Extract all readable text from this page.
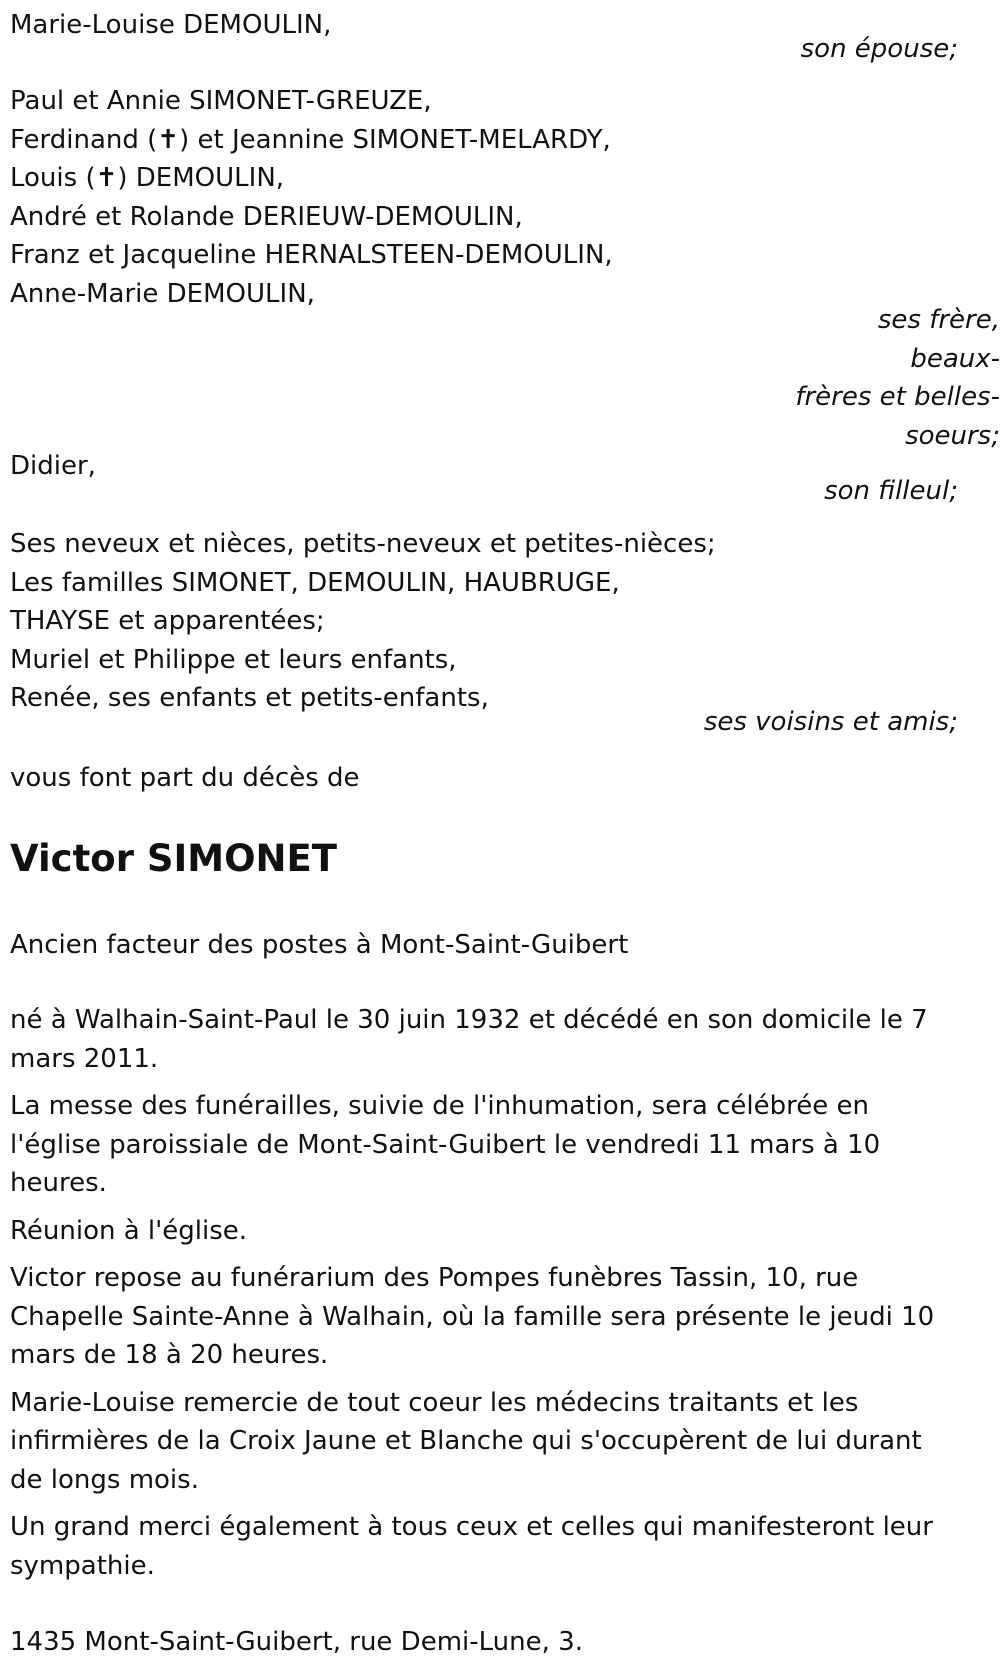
Marie-Louise DEMOULIN,
son épouse;
Paul et Annie SIMONET-GREUZE,
Ferdinand (✝) et Jeannine SIMONET-MELARDY,
Louis (✝) DEMOULIN,
André et Rolande DERIEUW-DEMOULIN,
Franz et Jacqueline HERNALSTEEN-DEMOULIN,
Anne-Marie DEMOULIN,
ses frère, beaux-
frères et belles-
soeurs;
Didier,
son filleul;
Ses neveux et nièces, petits-neveux et petites-nièces;
Les familles SIMONET, DEMOULIN, HAUBRUGE,
THAYSE et apparentées;
Muriel et Philippe et leurs enfants,
Renée, ses enfants et petits-enfants,
ses voisins et amis;
vous font part du décès de
Victor SIMONET
Ancien facteur des postes à Mont-Saint-Guibert
né à Walhain-Saint-Paul le 30 juin 1932 et décédé en son domicile le 7 mars 2011.
La messe des funérailles, suivie de l'inhumation, sera célébrée en l'église paroissiale de Mont-Saint-Guibert le vendredi 11 mars à 10 heures.
Réunion à l'église.
Victor repose au funérarium des Pompes funèbres Tassin, 10, rue Chapelle Sainte-Anne à Walhain, où la famille sera présente le jeudi 10 mars de 18 à 20 heures.
Marie-Louise remercie de tout coeur les médecins traitants et les infirmières de la Croix Jaune et Blanche qui s'occupèrent de lui durant de longs mois.
Un grand merci également à tous ceux et celles qui manifesteront leur sympathie.
1435 Mont-Saint-Guibert, rue Demi-Lune, 3.
